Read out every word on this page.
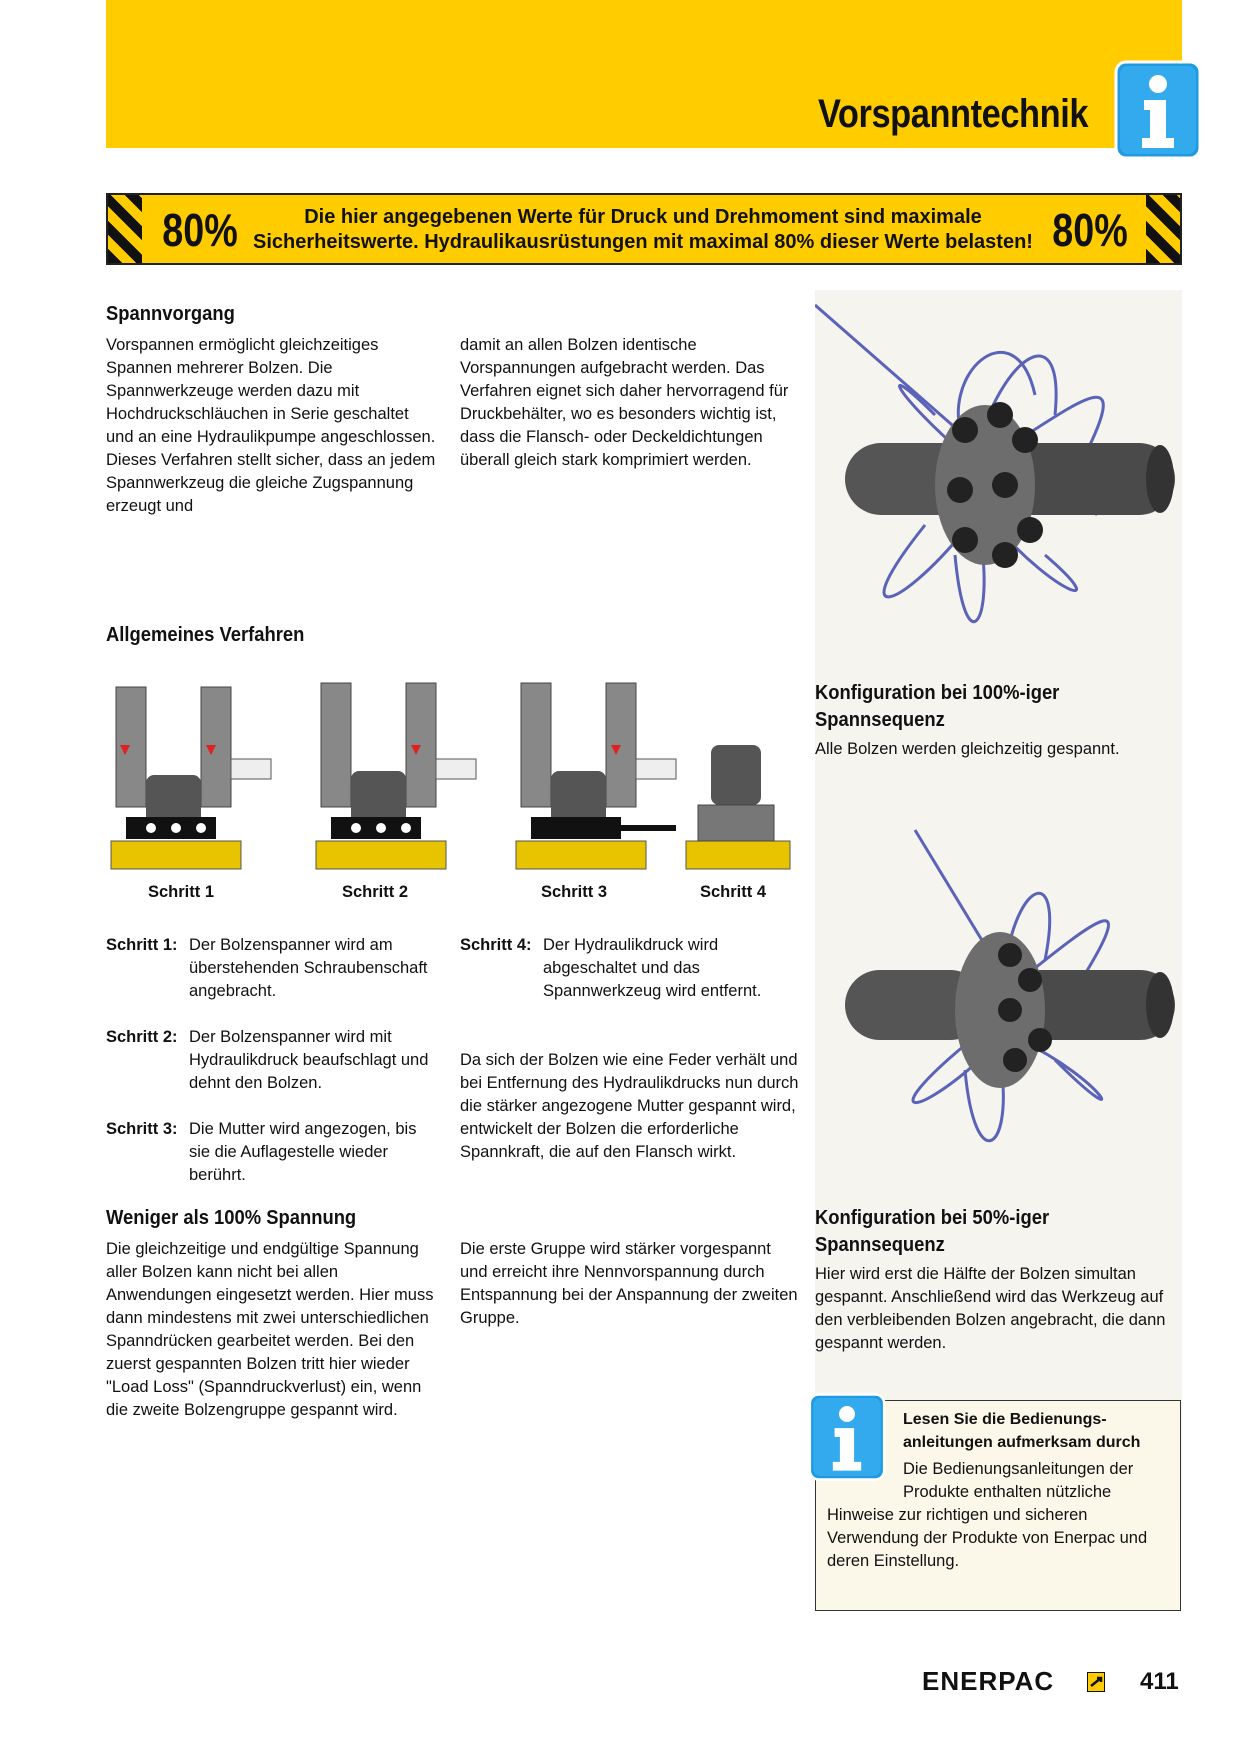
Vorspanntechnik
80%	Die hier angegebenen Werte für Druck und Drehmoment sind maximale
Sicherheitswerte. Hydraulikausrüstungen mit maximal 80% dieser Werte belasten! 80%
Spannvorgang

Vorspannen ermöglicht gleichzeitiges Spannen mehrerer Bolzen. Die Spannwerkzeuge werden dazu mit Hochdruckschläuchen in Serie geschaltet und an eine Hydraulikpumpe angeschlossen. Dieses Verfahren stellt sicher, dass an jedem Spannwerkzeug die gleiche Zugspannung erzeugt und

damit an allen Bolzen identische Vorspannungen aufgebracht werden. Das Verfahren eignet sich daher hervorragend für Druckbehälter, wo es besonders wichtig ist, dass die Flansch- oder Deckeldichtungen überall gleich stark komprimiert werden.

Allgemeines Verfahren
Schritt 1	Schritt 2	Schritt 3	Schritt 4
Schritt 1:	Der Bolzenspanner wird am überstehenden Schraubenschaft angebracht.

Schritt 2:	Der Bolzenspanner wird mit Hydraulikdruck beaufschlagt und dehnt den Bolzen.

Schritt 3:	Die Mutter wird angezogen, bis sie die Auflagestelle wieder berührt.
Schritt 4:	Der Hydraulikdruck wird abgeschaltet und das Spannwerkzeug wird entfernt.

Da sich der Bolzen wie eine Feder verhält und bei Entfernung des Hydraulikdrucks nun durch die stärker angezogene Mutter gespannt wird, entwickelt der Bolzen die erforderliche Spannkraft, die auf den Flansch wirkt.

Konfiguration bei 100%-iger
Spannsequenz

Alle Bolzen werden gleichzeitig gespannt.

Weniger als 100% Spannung

Die gleichzeitige und endgültige Spannung aller Bolzen kann nicht bei allen Anwendungen eingesetzt werden. Hier muss dann mindestens mit zwei unterschiedlichen Spanndrücken gearbeitet werden. Bei den zuerst gespannten Bolzen tritt hier wieder "Load Loss" (Spanndruckverlust) ein, wenn die zweite Bolzengruppe gespannt wird.

Die erste Gruppe wird stärker vorgespannt und erreicht ihre Nennvorspannung durch Entspannung bei der Anspannung der zweiten Gruppe.

Konfiguration bei 50%-iger
Spannsequenz

Hier wird erst die Hälfte der Bolzen simultan gespannt. Anschließend wird das Werkzeug auf den verbleibenden Bolzen angebracht, die dann gespannt werden.

Lesen Sie die Bedienungs-
anleitungen aufmerksam durch
Die Bedienungsanleitungen der
Produkte enthalten nützliche

Hinweise zur richtigen und sicheren Verwendung der Produkte von Enerpac und deren Einstellung.

ENERPAC	411
